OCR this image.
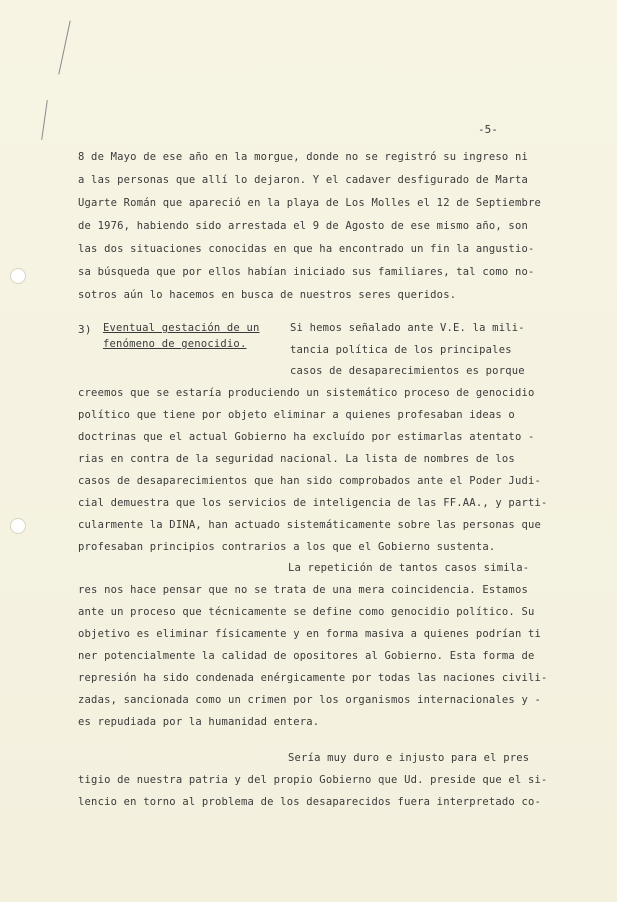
-5-
8 de Mayo de ese año en la morgue, donde no se registró su ingreso ni
a las personas que allí lo dejaron. Y el cadaver desfigurado de Marta
Ugarte Román que apareció en la playa de Los Molles el 12 de Septiembre
de 1976, habiendo sido arrestada el 9 de Agosto de ese mismo año, son
las dos situaciones conocidas en que ha encontrado un fin la angustio-
sa búsqueda que por ellos habían iniciado sus familiares, tal como no-
sotros aún lo hacemos en busca de nuestros seres queridos.
3) Eventual gestación de un
fenómeno de genocidio.
Si hemos señalado ante V.E. la mili-
tancia política de los principales
casos de desaparecimientos es porque
creemos que se estaría produciendo un sistemático proceso de genocidio
político que tiene por objeto eliminar a quienes profesaban ideas o
doctrinas que el actual Gobierno ha excluído por estimarlas atentato -
rias en contra de la seguridad nacional. La lista de nombres de los
casos de desaparecimientos que han sido comprobados ante el Poder Judi-
cial demuestra que los servicios de inteligencia de las FF.AA., y parti-
cularmente la DINA, han actuado sistemáticamente sobre las personas que
profesaban principios contrarios a los que el Gobierno sustenta.
La repetición de tantos casos simila-
res nos hace pensar que no se trata de una mera coincidencia. Estamos
ante un proceso que técnicamente se define como genocidio político. Su
objetivo es eliminar físicamente y en forma masiva a quienes podrían ti
ner potencialmente la calidad de opositores al Gobierno. Esta forma de
represión ha sido condenada enérgicamente por todas las naciones civili-
zadas, sancionada como un crimen por los organismos internacionales y -
es repudiada por la humanidad entera.
Sería muy duro e injusto para el pres
tigio de nuestra patria y del propio Gobierno que Ud. preside que el si-
lencio en torno al problema de los desaparecidos fuera interpretado co-
